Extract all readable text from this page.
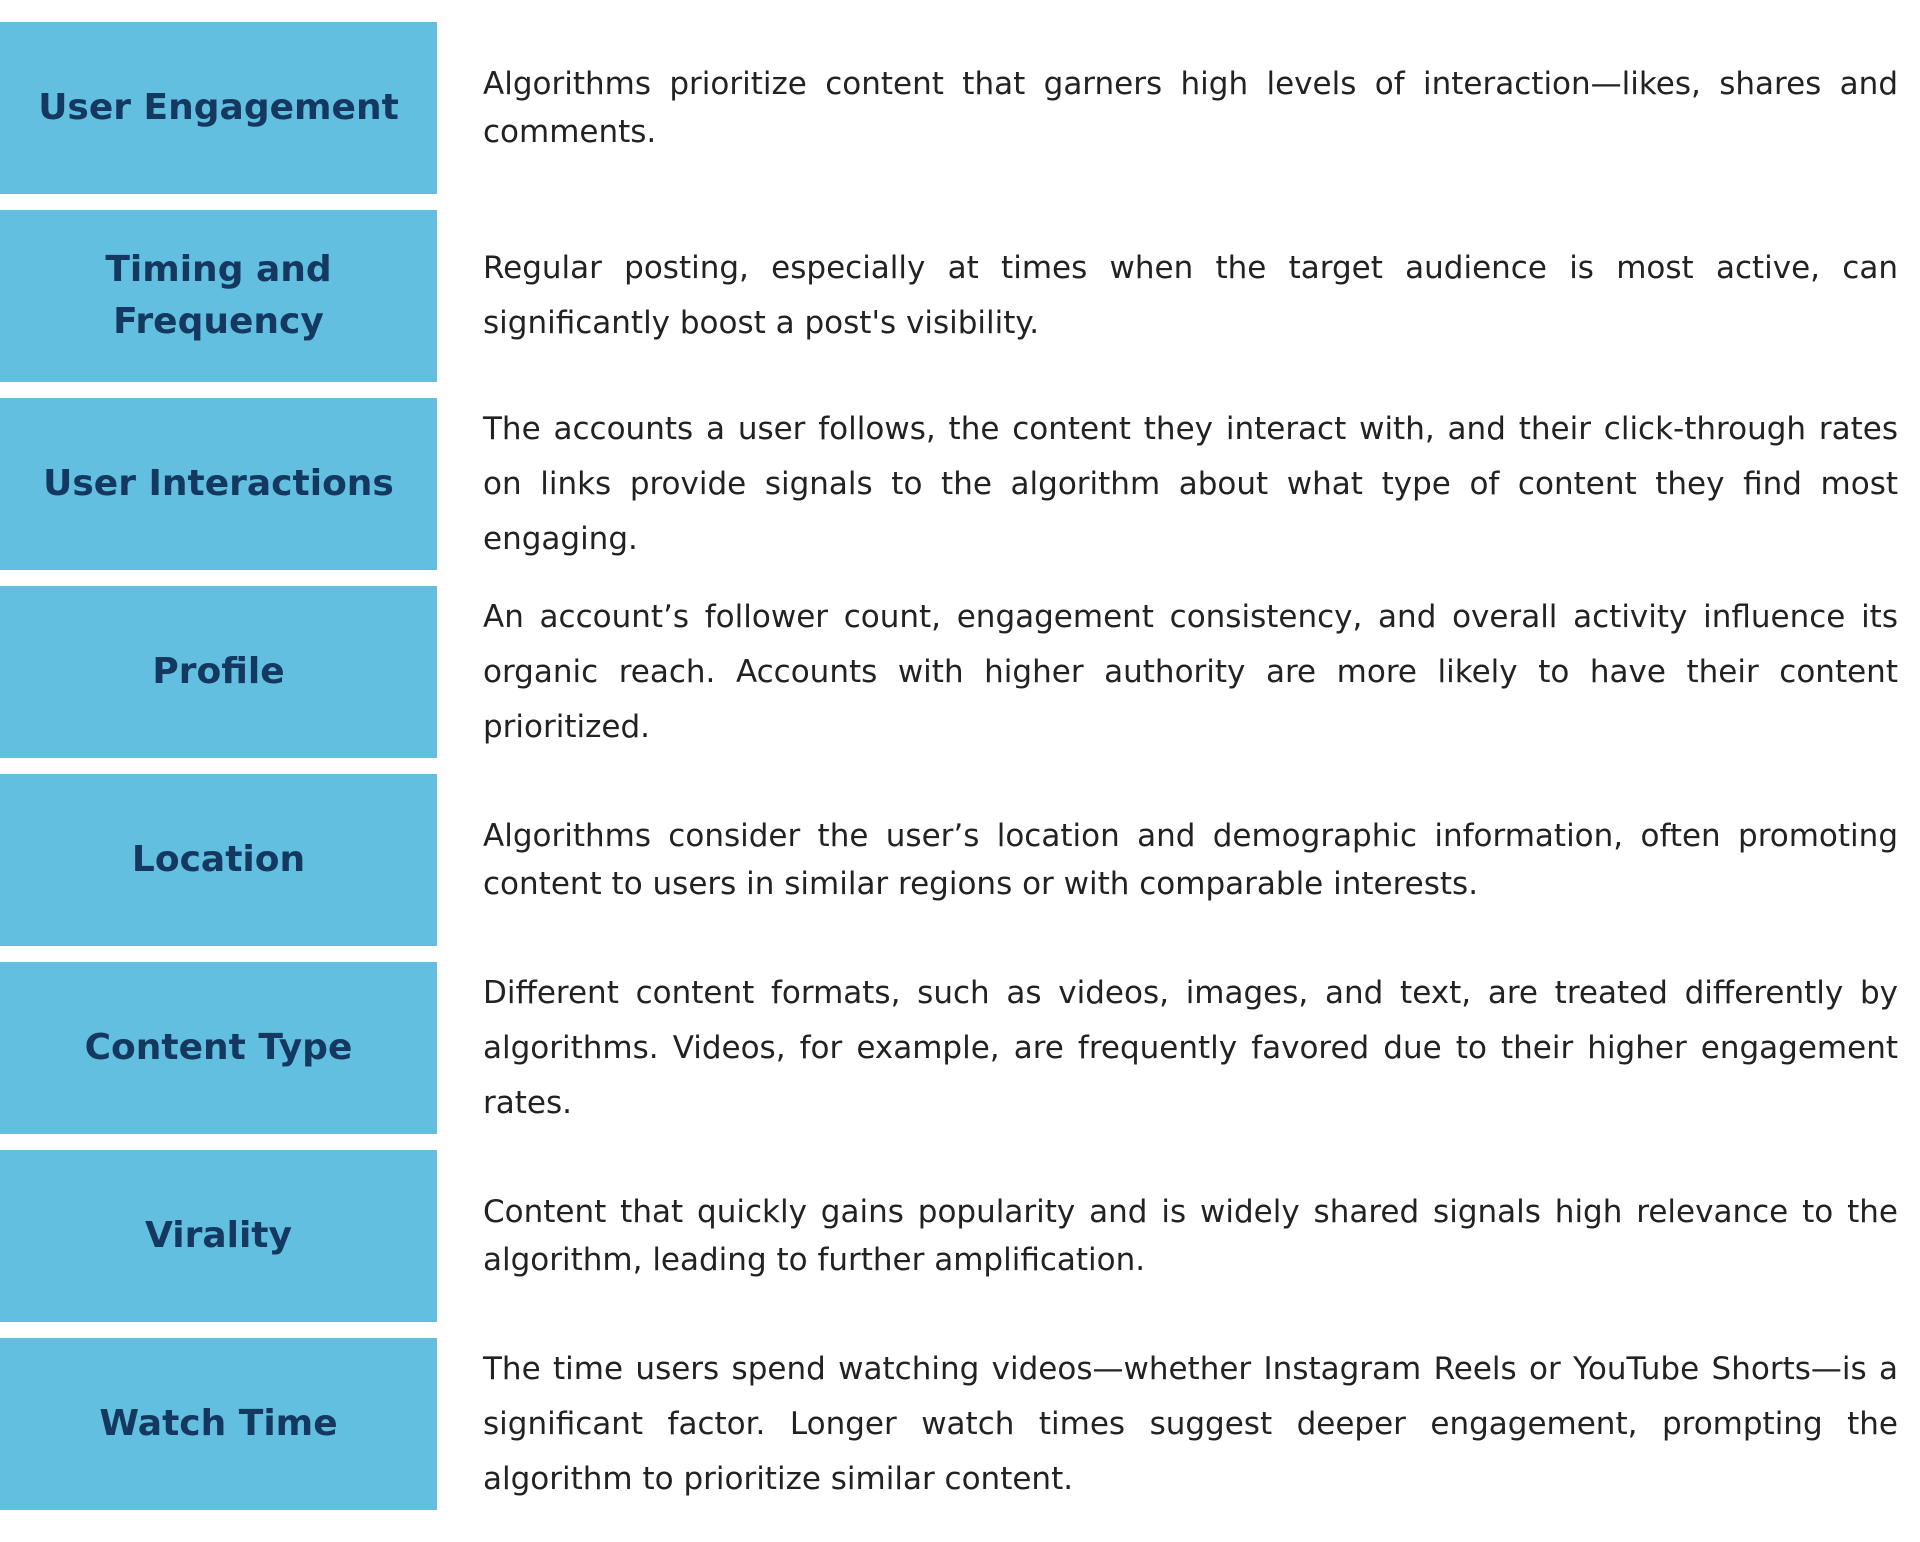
User Engagement
Algorithms prioritize content that garners high levels of interaction—likes, shares and comments.
Timing and Frequency
Regular posting, especially at times when the target audience is most active, can significantly boost a post's visibility.
User Interactions
The accounts a user follows, the content they interact with, and their click-through rates on links provide signals to the algorithm about what type of content they find most engaging.
Profile
An account’s follower count, engagement consistency, and overall activity influence its organic reach. Accounts with higher authority are more likely to have their content prioritized.
Location
Algorithms consider the user’s location and demographic information, often promoting content to users in similar regions or with comparable interests.
Content Type
Different content formats, such as videos, images, and text, are treated differently by algorithms. Videos, for example, are frequently favored due to their higher engagement rates.
Virality
Content that quickly gains popularity and is widely shared signals high relevance to the algorithm, leading to further amplification.
Watch Time
The time users spend watching videos—whether Instagram Reels or YouTube Shorts—is a significant factor. Longer watch times suggest deeper engagement, prompting the algorithm to prioritize similar content.
